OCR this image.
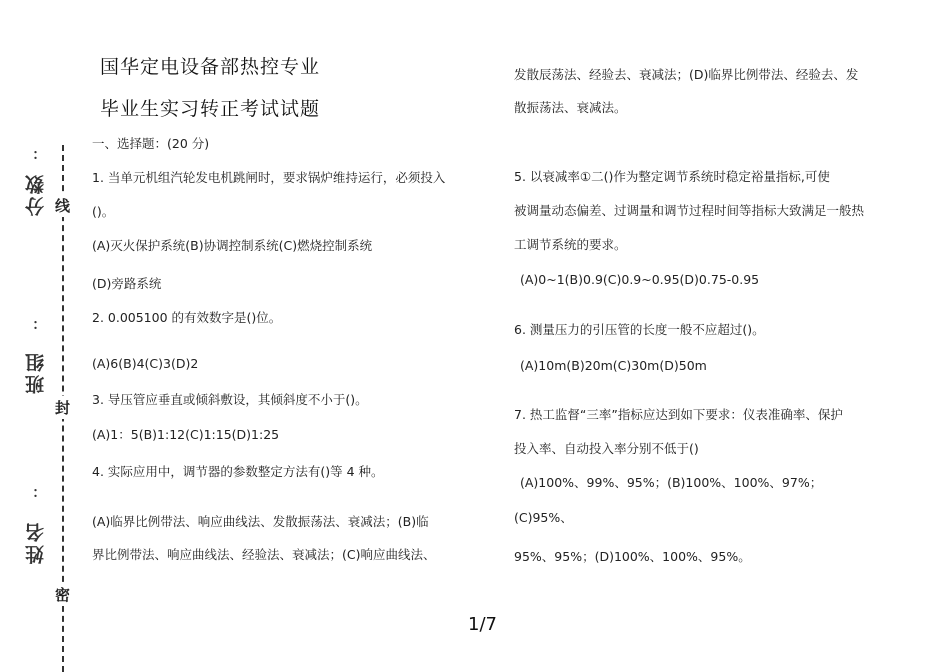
分数
：
班组
：
姓名
：
线
封
密
国华定电设备部热控专业
毕业生实习转正考试试题
一、选择题：(20 分)
1. 当单元机组汽轮发电机跳闸时，要求锅炉维持运行，必须投入
()。
(A)灭火保护系统(B)协调控制系统(C)燃烧控制系统
(D)旁路系统
2. 0.005100 的有效数字是()位。
(A)6(B)4(C)3(D)2
3. 导压管应垂直或倾斜敷设，其倾斜度不小于()。
(A)1：5(B)1:12(C)1:15(D)1:25
4. 实际应用中，调节器的参数整定方法有()等 4 种。
(A)临界比例带法、响应曲线法、发散振荡法、衰减法；(B)临
界比例带法、响应曲线法、经验法、衰减法；(C)响应曲线法、
发散辰荡法、经验去、衰减法；(D)临界比例带法、经验去、发
散振荡法、衰减法。
5. 以衰减率①二()作为整定调节系统时稳定裕量指标,可使
被调量动态偏差、过调量和调节过程时间等指标大致满足一般热
工调节系统的要求。
(A)0~1(B)0.9(C)0.9~0.95(D)0.75-0.95
6. 测量压力的引压管的长度一般不应超过()。
(A)10m(B)20m(C)30m(D)50m
7. 热工监督“三率”指标应达到如下要求：仪表准确率、保护
投入率、自动投入率分别不低于()
(A)100%、99%、95%；(B)100%、100%、97%；
(C)95%、
95%、95%；(D)100%、100%、95%。
1/7
